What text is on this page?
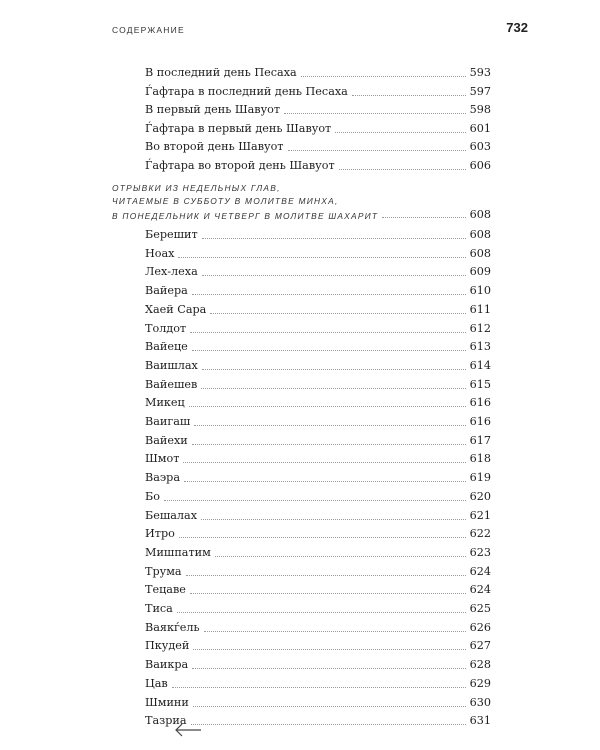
СОДЕРЖАНИЕ	732
В последний день Песаха	593
Ѓафтара в последний день Песаха	597
В первый день Шавуот	598
Ѓафтара в первый день Шавуот	601
Во второй день Шавуот	603
Ѓафтара во второй день Шавуот	606
ОТРЫВКИ ИЗ НЕДЕЛЬНЫХ ГЛАВ,
ЧИТАЕМЫЕ В СУББОТУ В МОЛИТВЕ МИНХА,
В ПОНЕДЕЛЬНИК И ЧЕТВЕРГ В МОЛИТВЕ ШАХАРИТ	608
Берешит	608
Ноах	608
Лех-леха	609
Вайера	610
Хаей Сара	611
Толдот	612
Вайеце	613
Ваишлах	614
Вайешев	615
Микец	616
Ваигаш	616
Вайехи	617
Шмот	618
Ваэра	619
Бо	620
Бешалах	621
Итро	622
Мишпатим	623
Трума	624
Тецаве	624
Тиса	625
Ваякѓель	626
Пкудей	627
Ваикра	628
Цав	629
Шмини	630
Тазриа	631
